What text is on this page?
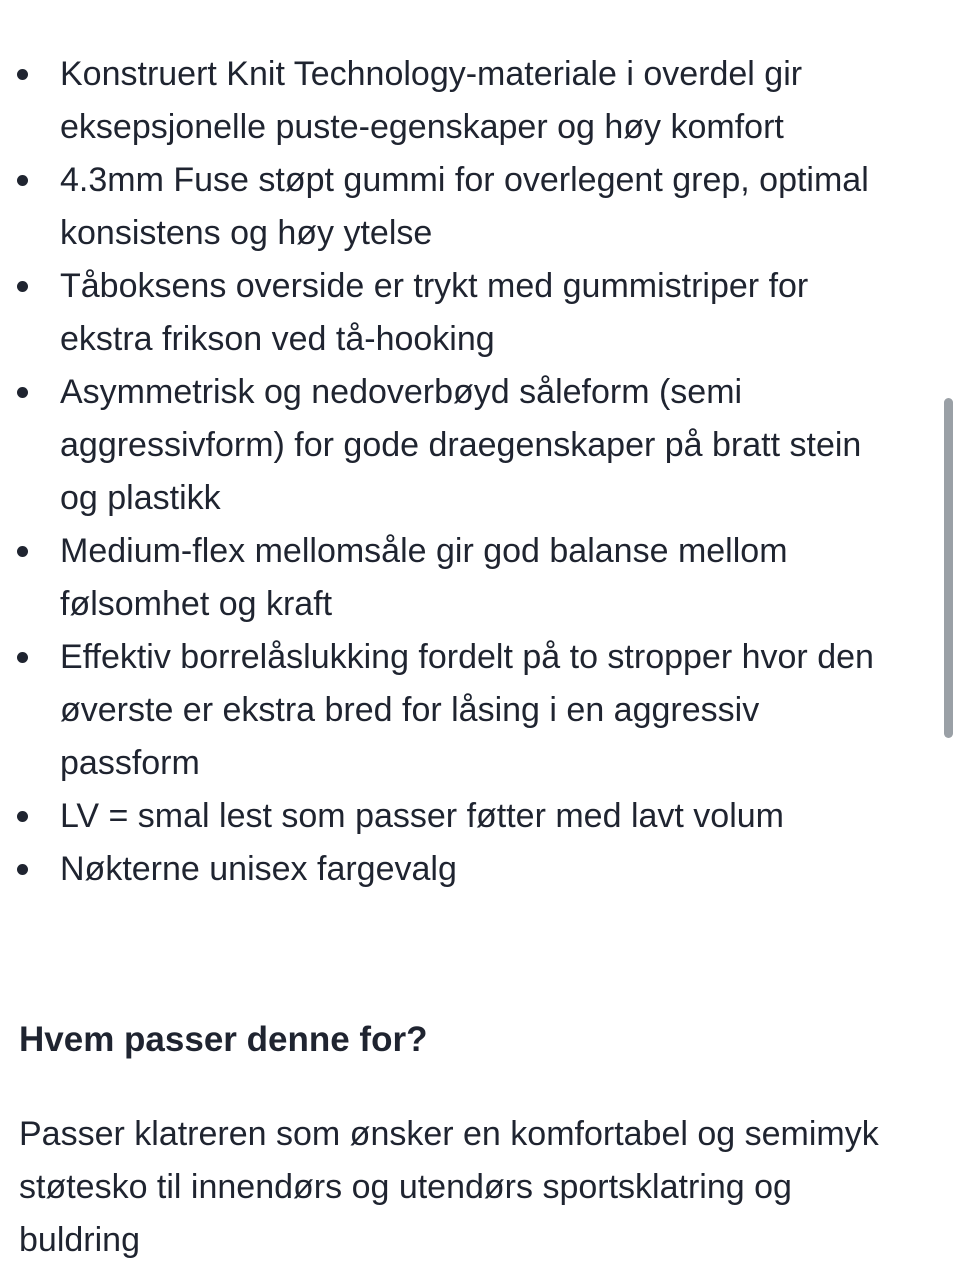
Konstruert Knit Technology-materiale i overdel gir eksepsjonelle puste-egenskaper og høy komfort
4.3mm Fuse støpt gummi for overlegent grep, optimal konsistens og høy ytelse
Tåboksens overside er trykt med gummistriper for ekstra frikson ved tå-hooking
Asymmetrisk og nedoverbøyd såleform (semi aggressivform) for gode draegenskaper på bratt stein og plastikk
Medium-flex mellomsåle gir god balanse mellom følsomhet og kraft
Effektiv borrelåslukking fordelt på to stropper hvor den øverste er ekstra bred for låsing i en aggressiv passform
LV = smal lest som passer føtter med lavt volum
Nøkterne unisex fargevalg
Hvem passer denne for?

Passer klatreren som ønsker en komfortabel og semimyk støtesko til innendørs og utendørs sportsklatring og buldring
